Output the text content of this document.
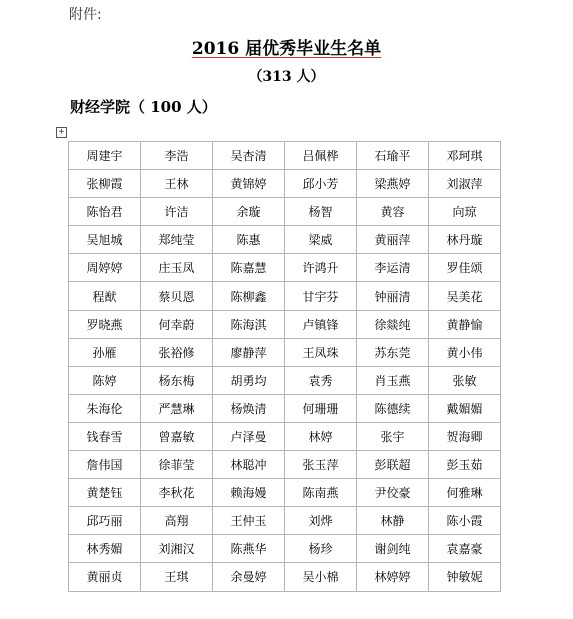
附件:
2016 届优秀毕业生名单
（313 人）
财经学院（ 100 人）
+
周建宇	李浩	吴杏清	吕佩桦	石瑜平	邓珂琪
张柳霞	王林	黄锦婷	邱小芳	梁燕婷	刘淑萍
陈怡君	许洁	余璇	杨智	黄容	向琼
吴旭城	郑纯莹	陈惠	梁威	黄丽萍	林丹璇
周婷婷	庄玉凤	陈嘉慧	许鸿升	李运清	罗佳颂
程猷	蔡贝恩	陈柳鑫	甘宇芬	钟丽清	吴美花
罗晓燕	何幸蔚	陈海淇	卢镇锋	徐燚纯	黄静愉
孙雁	张裕修	廖静萍	王凤珠	苏东莞	黄小伟
陈婷	杨东梅	胡勇均	袁秀	肖玉燕	张敏
朱海伦	严慧琳	杨焕清	何珊珊	陈德续	戴媚媚
钱春雪	曾嘉敏	卢泽曼	林婷	张宇	贺海卿
詹伟国	徐菲莹	林聪冲	张玉萍	彭联超	彭玉茹
黄楚钰	李秋花	赖海嫚	陈南燕	尹佼豪	何雅琳
邱巧丽	高翔	王仲玉	刘烨	林静	陈小霞
林秀媚	刘湘汉	陈燕华	杨珍	谢剑纯	袁嘉豪
黄丽贞	王琪	余曼婷	吴小棉	林婷婷	钟敏妮
